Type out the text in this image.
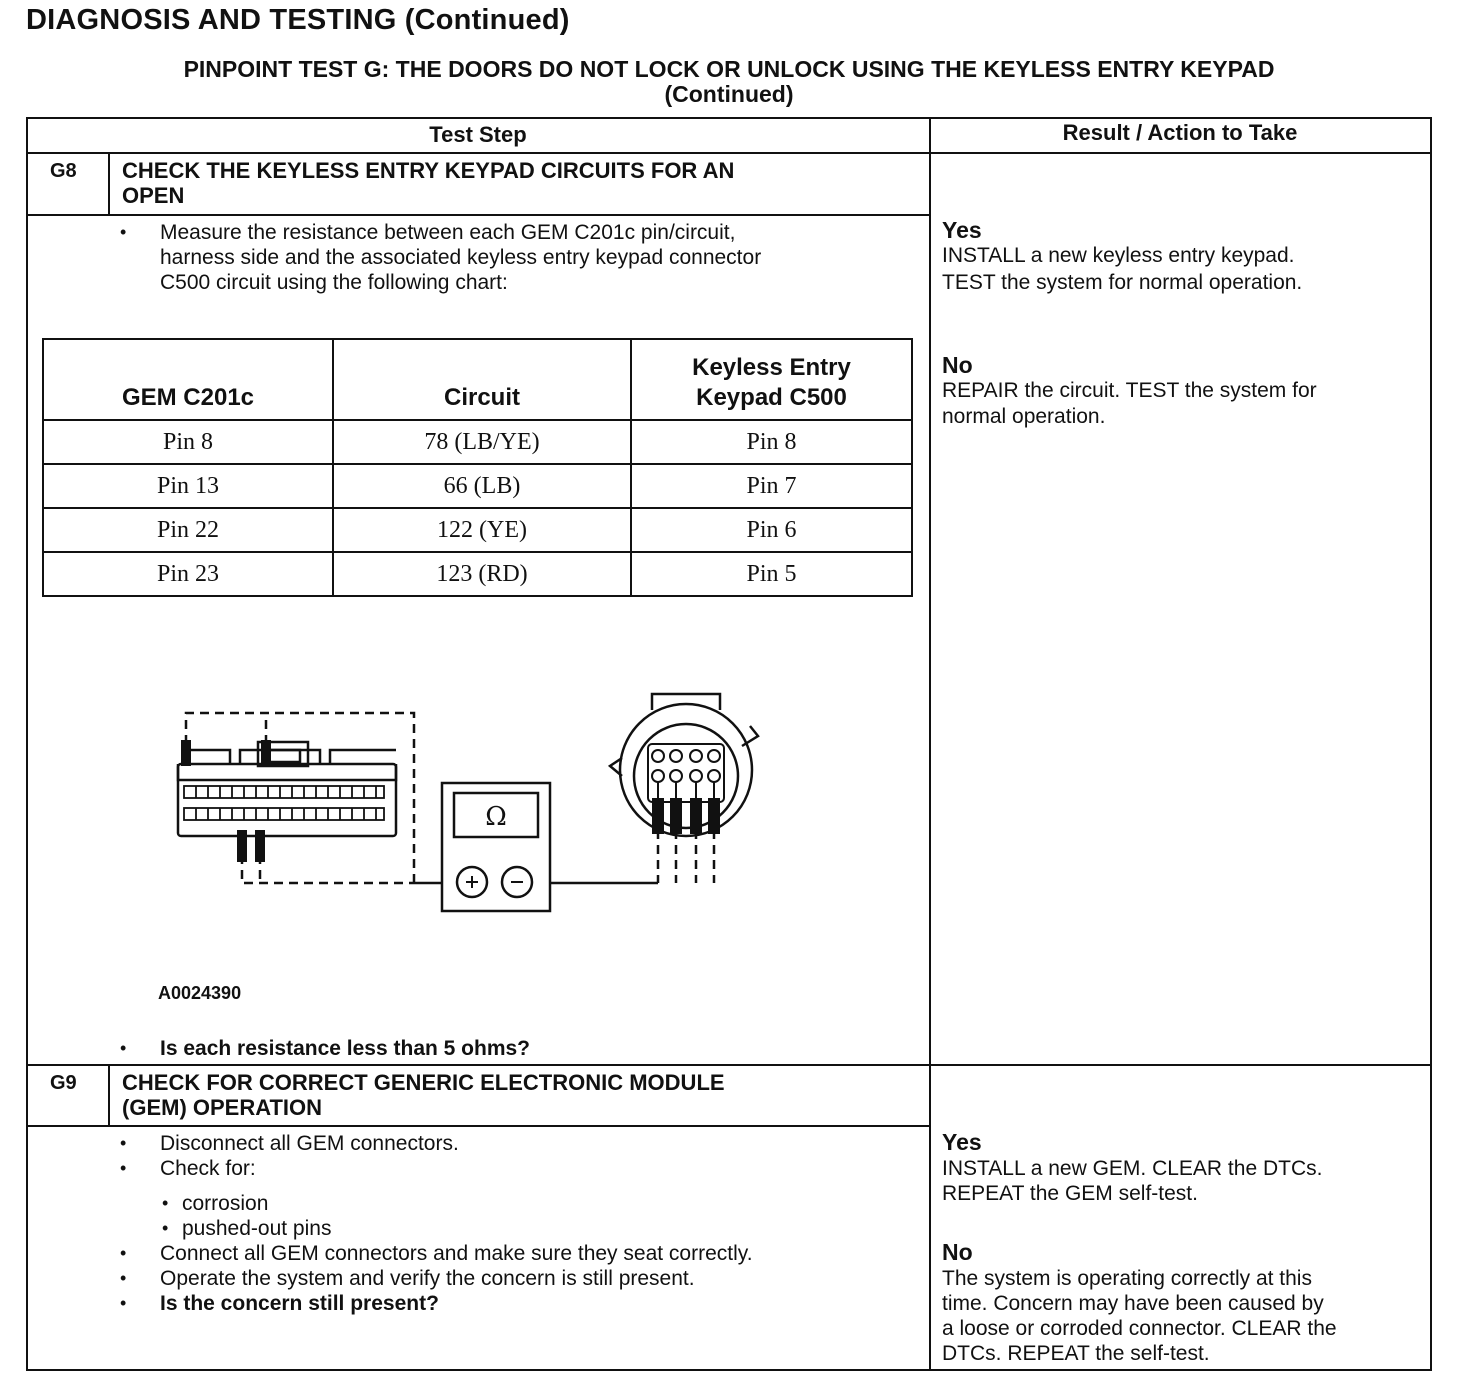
DIAGNOSIS AND TESTING (Continued)
PINPOINT TEST G: THE DOORS DO NOT LOCK OR UNLOCK USING THE KEYLESS ENTRY KEYPAD
(Continued)
Test Step	Result / Action to Take
G8 CHECK THE KEYLESS ENTRY KEYPAD CIRCUITS FOR AN
OPEN
• Measure the resistance between each GEM C201c pin/circuit,
harness side and the associated keyless entry keypad connector
C500 circuit using the following chart:
GEM C201c	Circuit	Keyless Entry
Keypad C500

Pin 8	78 (LB/YE)	Pin 8
Pin 13	66 (LB)	Pin 7
Pin 22	122 (YE)	Pin 6
Pin 23	123 (RD)	Pin 5
Ω
A0024390
• Is each resistance less than 5 ohms?
Yes
INSTALL a new keyless entry keypad.
TEST the system for normal operation.
No
REPAIR the circuit. TEST the system for
normal operation.
G9 CHECK FOR CORRECT GENERIC ELECTRONIC MODULE
(GEM) OPERATION
• Disconnect all GEM connectors.
• Check for:
• corrosion
• pushed-out pins
• Connect all GEM connectors and make sure they seat correctly.
• Operate the system and verify the concern is still present.
• Is the concern still present?
Yes
INSTALL a new GEM. CLEAR the DTCs.
REPEAT the GEM self-test.
No
The system is operating correctly at this
time. Concern may have been caused by
a loose or corroded connector. CLEAR the
DTCs. REPEAT the self-test.
